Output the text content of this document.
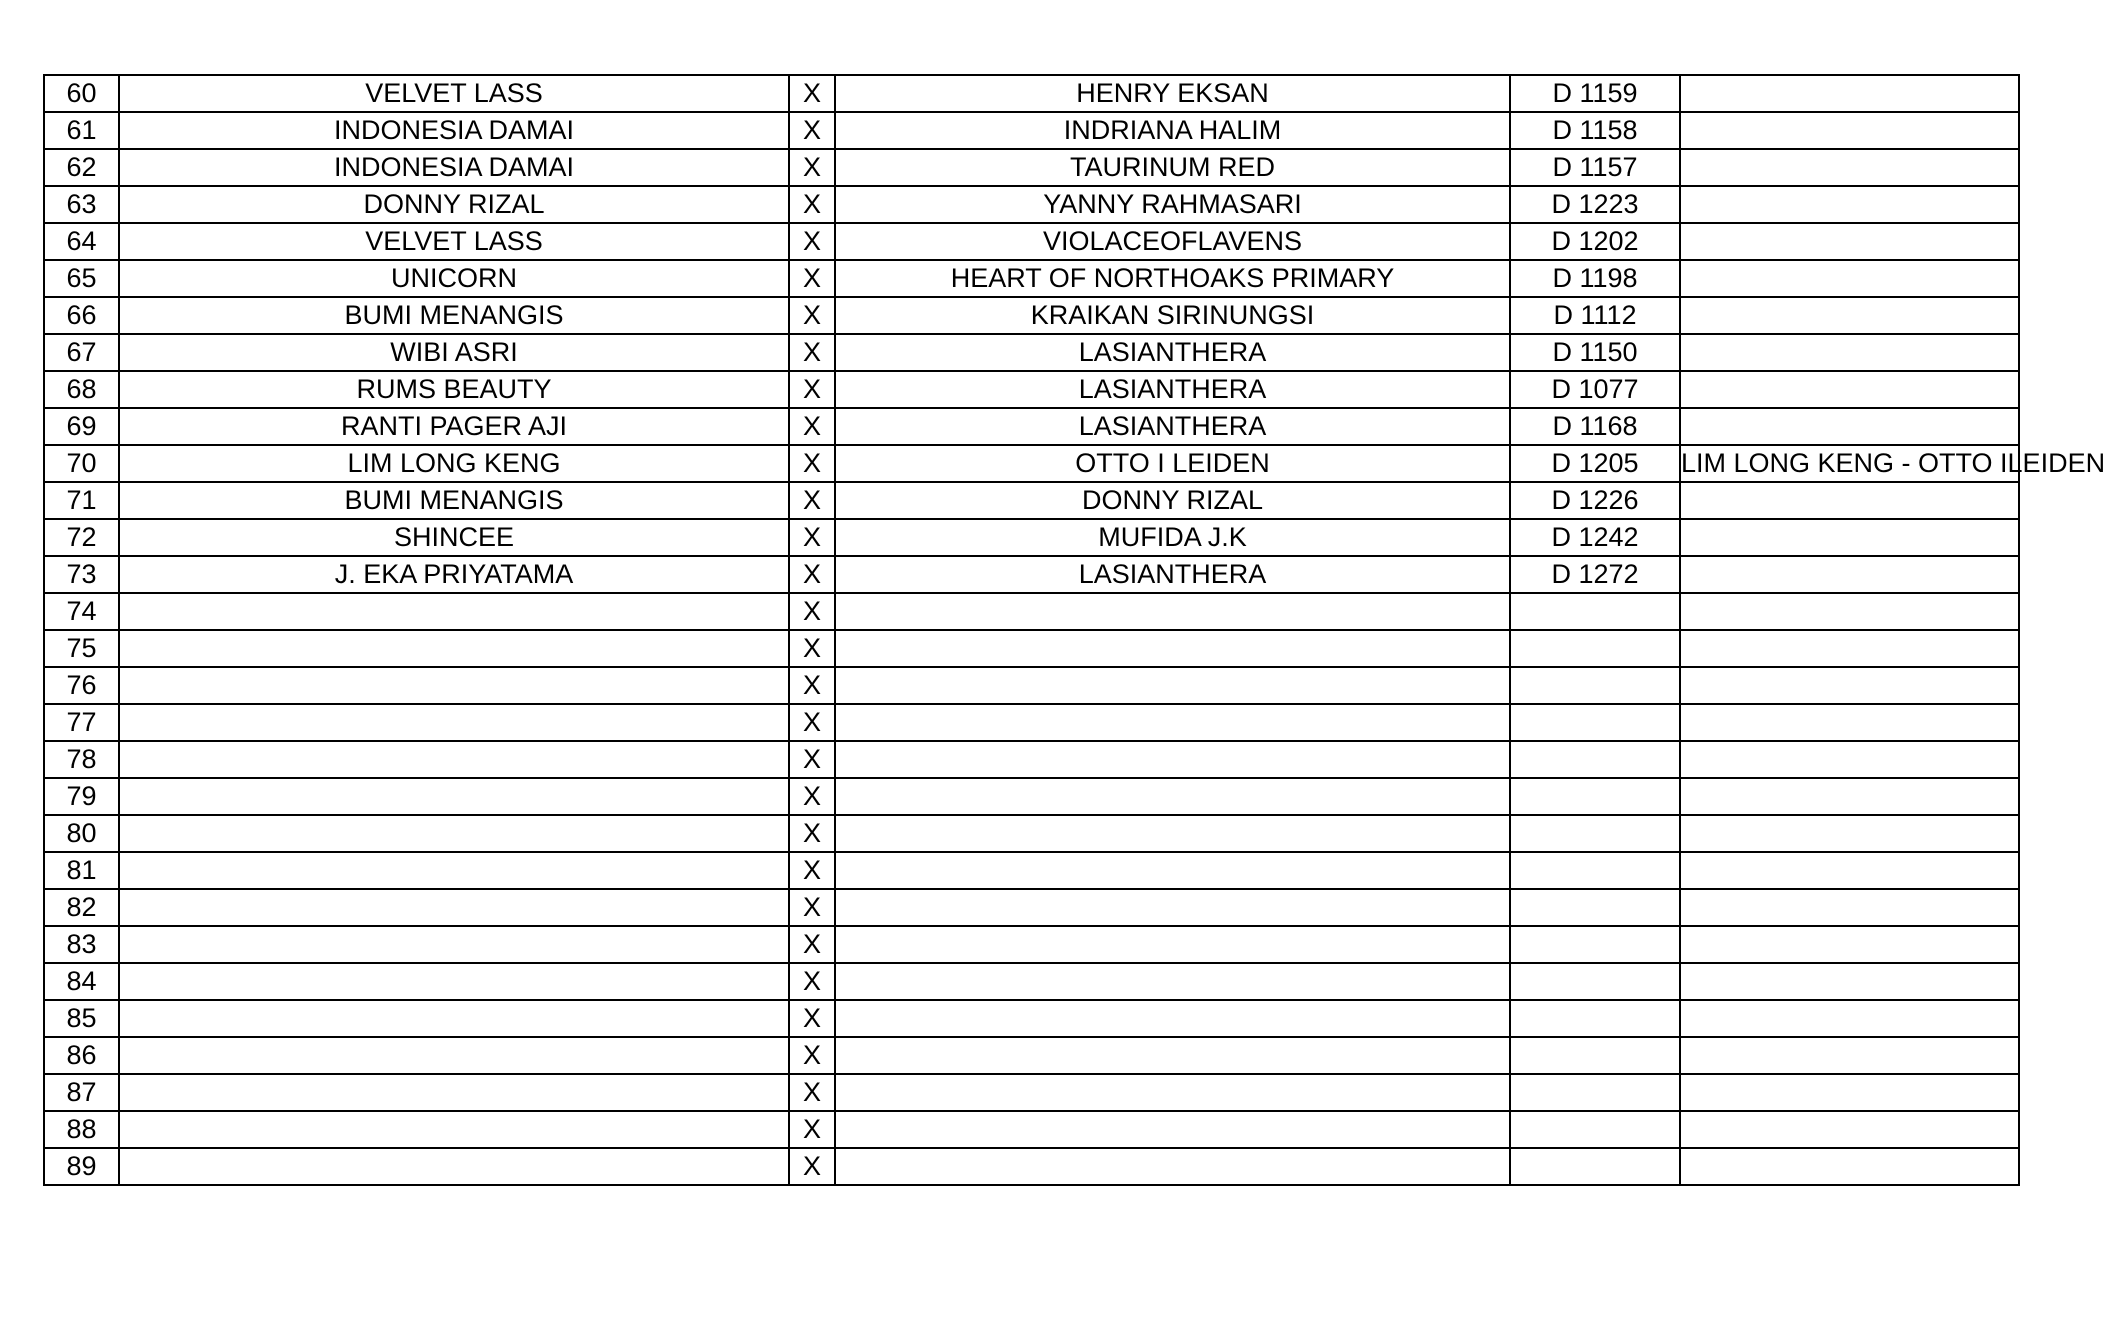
60	VELVET LASS	X	HENRY EKSAN	D 1159	
61	INDONESIA DAMAI	X	INDRIANA HALIM	D 1158	
62	INDONESIA DAMAI	X	TAURINUM RED	D 1157	
63	DONNY RIZAL	X	YANNY RAHMASARI	D 1223	
64	VELVET LASS	X	VIOLACEOFLAVENS	D 1202	
65	UNICORN	X	HEART OF NORTHOAKS PRIMARY	D 1198	
66	BUMI MENANGIS	X	KRAIKAN SIRINUNGSI	D 1112	
67	WIBI ASRI	X	LASIANTHERA	D 1150	
68	RUMS BEAUTY	X	LASIANTHERA	D 1077	
69	RANTI PAGER AJI	X	LASIANTHERA	D 1168	
70	LIM LONG KENG	X	OTTO I LEIDEN	D 1205	LIM LONG KENG - OTTO ILEIDEN
71	BUMI MENANGIS	X	DONNY RIZAL	D 1226	
72	SHINCEE	X	MUFIDA J.K	D 1242	
73	J. EKA PRIYATAMA	X	LASIANTHERA	D 1272	
74		X			
75		X			
76		X			
77		X			
78		X			
79		X			
80		X			
81		X			
82		X			
83		X			
84		X			
85		X			
86		X			
87		X			
88		X			
89		X			
